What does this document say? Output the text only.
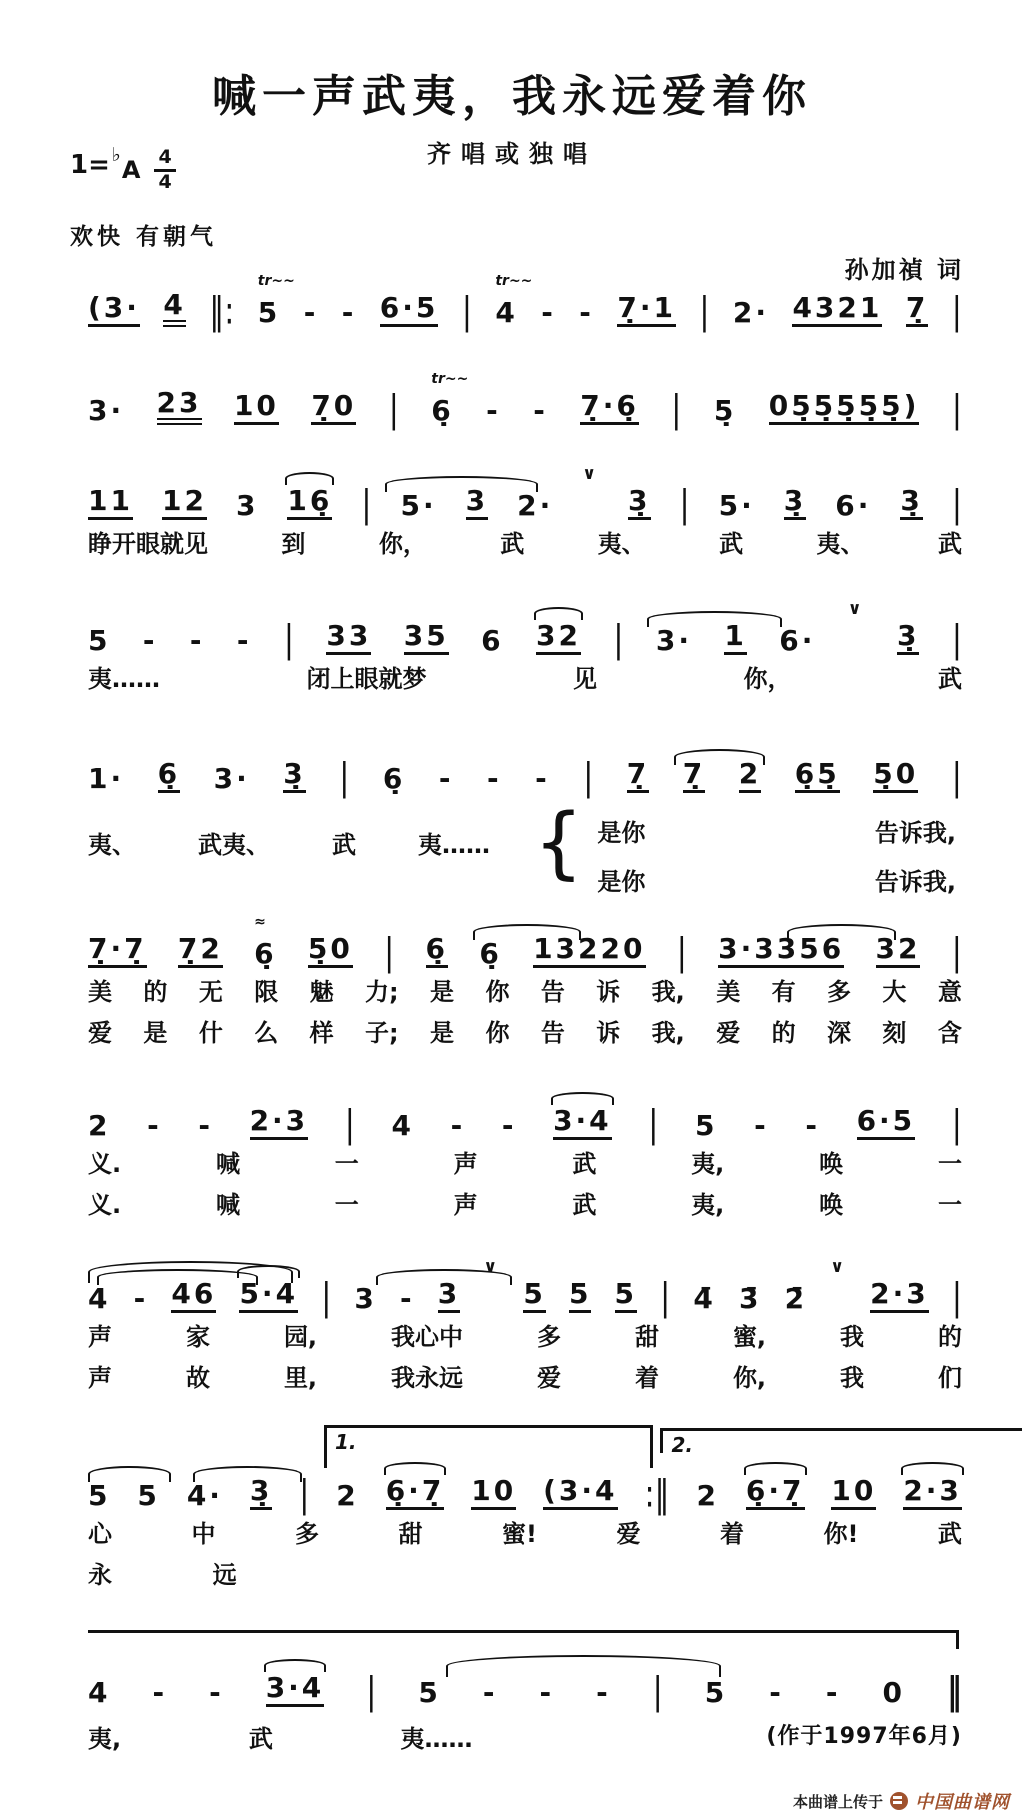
喊一声武夷，我永远爱着你
齐唱或独唱
1= ♭
A $\frac{4}{4}$
欢快 有朝气
孙加禎 词
(3· 4 ‖: 5
tr~~
- - 6·5 | 4
tr~~
- - 7̣·1 | 2· 4321 7̣ |
3· 23 10 7̣0 | 6̣
tr~~
- - 7̣·6̣ | 5̣ 05̣5̣5̣5̣5̣) |
11 12 3 16̣ | 5· 3 2·
∨
3̣ | 5· 3̣ 6· 3̣ |
睁开眼就见	到	你，	武	夷、	武	夷、	武
5 - - - | 33 35 6 32 | 3· 1 6·
∨
3̣ |
夷……	闭上眼就梦	见	你，	武
1· 6̣ 3· 3̣ | 6̣ - - - | 7̣ 7̣ 2 6̣5̣ 5̣0 |
夷、	武夷、	武	夷…… { 是你	告诉我,
是你	告诉我,
7̣·7̣ 7̣2 6̣
≈
5̣0 | 6̣ 6̣ 13220 | 3·3356 32 |
美 的 无 限 魅 力; 是 你 告 诉 我, 美 有 多 大 意
爱 是 什 么 样 子; 是 你 告 诉 我, 爱 的 深 刻 含
2 - - 2·3 | 4 - - 3·4 | 5 - - 6·5 |
义.	喊	一	声	武	夷,	唤	一
义.	喊	一	声	武	夷,	唤	一
4 - 46 5·4 | 3 - 3
∨
5 5 5 | 4̄ 3̄ 2̄
∨
2·3 |
声	家	园,	我心中	多	甜	蜜,	我	的
声	故	里,	我永远	爱	着	你,	我	们
1.	2.
5 5 4· 3̣ | 2 6̣·7̣ 10 (3·4 :‖ 2 6̣·7̣ 10 2·3
心	中	多	甜	蜜!	爱	着	你!	武
永	远
4 - - 3·4 | 5 - - - | 5 - - 0 ‖
夷,	武	夷……	(作于1997年6月)
本曲谱上传于 中国曲谱网
